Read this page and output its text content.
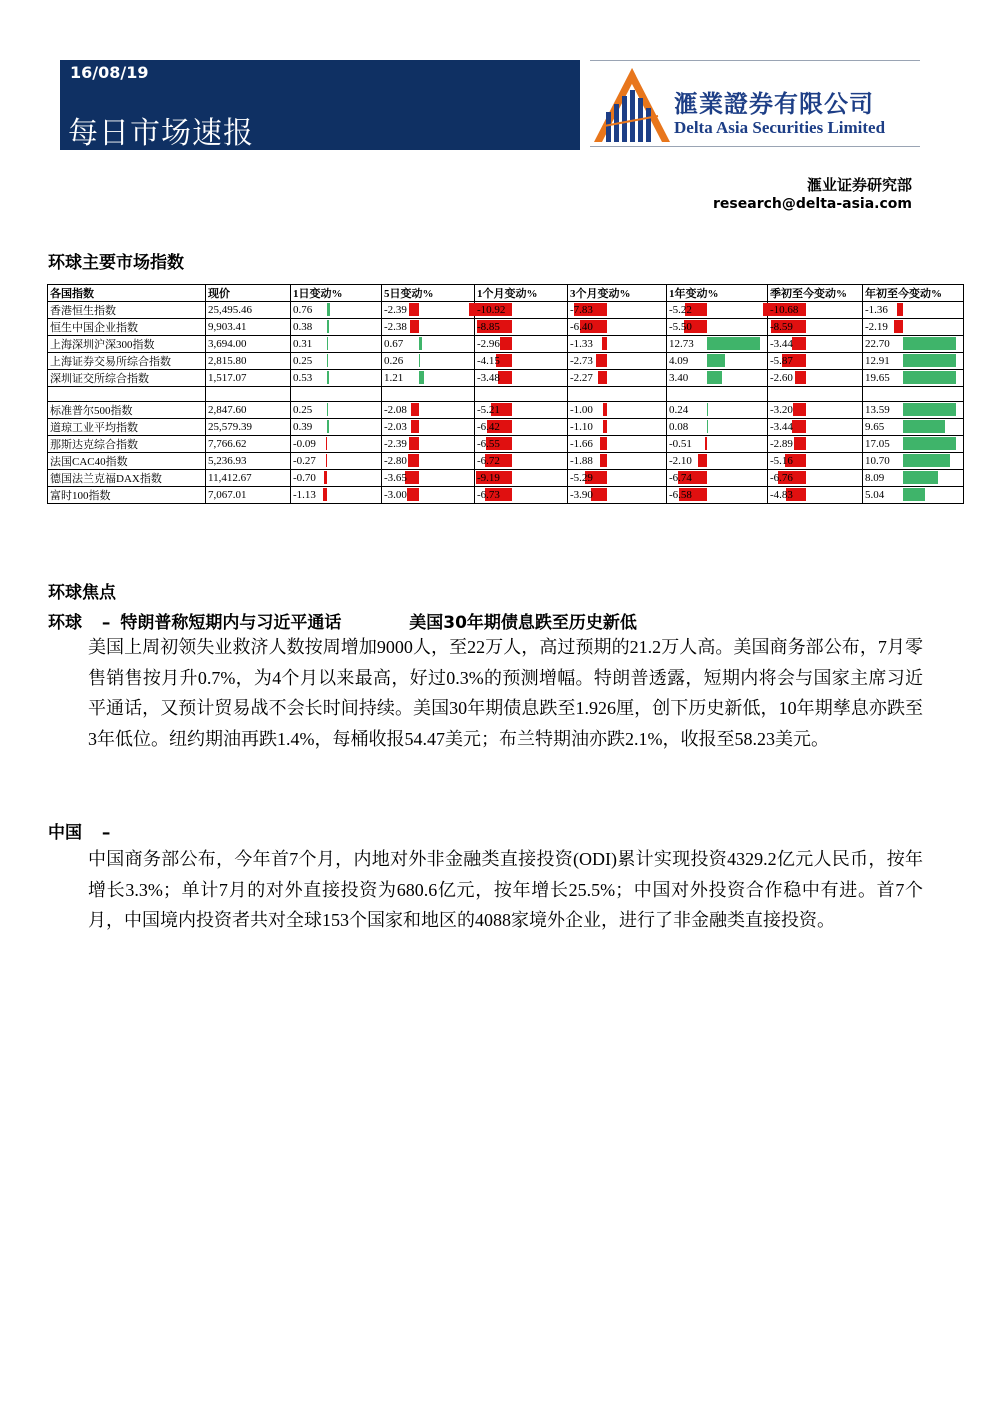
16/08/19
每日市场速报
滙業證券有限公司
Delta Asia Securities Limited
滙业证券研究部
research@delta-asia.com
环球主要市场指数
各国指数	现价	1日变动%	5日变动%	1个月变动%	3个月变动%	1年变动%	季初至今变动%	年初至今变动%
香港恒生指数	25,495.46	0.76	-2.39	-10.92	-7.83	-5.22	-10.68	-1.36

恒生中国企业指数	9,903.41	0.38	-2.38	-8.85	-6.40	-5.50	-8.59	-2.19

上海深圳沪深300指数	3,694.00	0.31	0.67	-2.96	-1.33	12.73	-3.44	22.70

上海证券交易所综合指数	2,815.80	0.25	0.26	-4.15	-2.73	4.09	-5.87	12.91

深圳证交所综合指数	1,517.07	0.53	1.21	-3.48	-2.27	3.40	-2.60	19.65

标准普尔500指数	2,847.60	0.25	-2.08	-5.21	-1.00	0.24	-3.20	13.59

道琼工业平均指数	25,579.39	0.39	-2.03	-6.42	-1.10	0.08	-3.44	9.65

那斯达克综合指数	7,766.62	-0.09	-2.39	-6.55	-1.66	-0.51	-2.89	17.05

法国CAC40指数	5,236.93	-0.27	-2.80	-6.72	-1.88	-2.10	-5.16	10.70

德国法兰克福DAX指数	11,412.67	-0.70	-3.65	-9.19	-5.29	-6.74	-6.76	8.09

富时100指数	7,067.01	-1.13	-3.00	-6.73	-3.90	-6.58	-4.83	5.04
环球焦点
环球 – 特朗普称短期内与习近平通话	美国30年期债息跌至历史新低
美国上周初领失业救济人数按周增加9000人，至22万人，高过预期的21.2万人高。美国商务部公布，7月零售销售按月升0.7%，为4个月以来最高，好过0.3%的预测增幅。特朗普透露，短期内将会与国家主席习近平通话，又预计贸易战不会长时间持续。美国30年期债息跌至1.926厘，创下历史新低，10年期孳息亦跌至3年低位。纽约期油再跌1.4%，每桶收报54.47美元；布兰特期油亦跌2.1%，收报至58.23美元。
中国 –
中国商务部公布，今年首7个月，内地对外非金融类直接投资(ODI)累计实现投资4329.2亿元人民币，按年增长3.3%；单计7月的对外直接投资为680.6亿元，按年增长25.5%；中国对外投资合作稳中有进。首7个月，中国境内投资者共对全球153个国家和地区的4088家境外企业，进行了非金融类直接投资。
